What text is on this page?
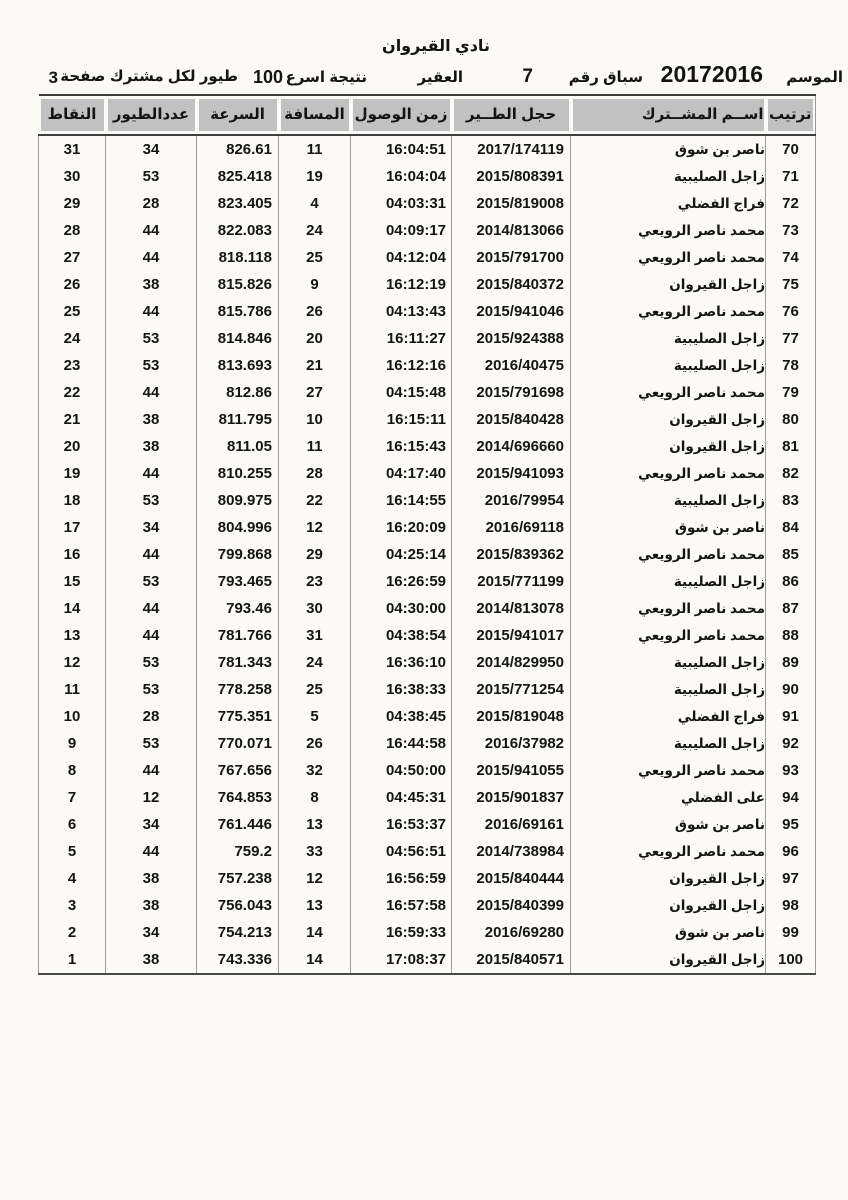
نادي القيروان
الموسم
20172016
سباق رقم
7
العقير
نتيجة اسرع
100
طيور لكل مشترك صفحة
3
ترتيب	اســم المشــترك	حجل الطــير	زمن الوصول	المسافة	السرعة	عددالطيور	النقاط

70	ناصر بن شوق	2017/174119	16:04:51	11	826.61	34	31
71	زاجل الصليبية	2015/808391	16:04:04	19	825.418	53	30
72	فراج الفضلي	2015/819008	04:03:31	4	823.405	28	29
73	محمد ناصر الرويعي	2014/813066	04:09:17	24	822.083	44	28
74	محمد ناصر الرويعي	2015/791700	04:12:04	25	818.118	44	27
75	زاجل القيروان	2015/840372	16:12:19	9	815.826	38	26
76	محمد ناصر الرويعي	2015/941046	04:13:43	26	815.786	44	25
77	زاجل الصليبية	2015/924388	16:11:27	20	814.846	53	24
78	زاجل الصليبية	2016/40475	16:12:16	21	813.693	53	23
79	محمد ناصر الرويعي	2015/791698	04:15:48	27	812.86	44	22
80	زاجل القيروان	2015/840428	16:15:11	10	811.795	38	21
81	زاجل القيروان	2014/696660	16:15:43	11	811.05	38	20
82	محمد ناصر الرويعي	2015/941093	04:17:40	28	810.255	44	19
83	زاجل الصليبية	2016/79954	16:14:55	22	809.975	53	18
84	ناصر بن شوق	2016/69118	16:20:09	12	804.996	34	17
85	محمد ناصر الرويعي	2015/839362	04:25:14	29	799.868	44	16
86	زاجل الصليبية	2015/771199	16:26:59	23	793.465	53	15
87	محمد ناصر الرويعي	2014/813078	04:30:00	30	793.46	44	14
88	محمد ناصر الرويعي	2015/941017	04:38:54	31	781.766	44	13
89	زاجل الصليبية	2014/829950	16:36:10	24	781.343	53	12
90	زاجل الصليبية	2015/771254	16:38:33	25	778.258	53	11
91	فراج الفضلي	2015/819048	04:38:45	5	775.351	28	10
92	زاجل الصليبية	2016/37982	16:44:58	26	770.071	53	9
93	محمد ناصر الرويعي	2015/941055	04:50:00	32	767.656	44	8
94	على الفضلي	2015/901837	04:45:31	8	764.853	12	7
95	ناصر بن شوق	2016/69161	16:53:37	13	761.446	34	6
96	محمد ناصر الرويعي	2014/738984	04:56:51	33	759.2	44	5
97	زاجل القيروان	2015/840444	16:56:59	12	757.238	38	4
98	زاجل القيروان	2015/840399	16:57:58	13	756.043	38	3
99	ناصر بن شوق	2016/69280	16:59:33	14	754.213	34	2
100	زاجل القيروان	2015/840571	17:08:37	14	743.336	38	1
